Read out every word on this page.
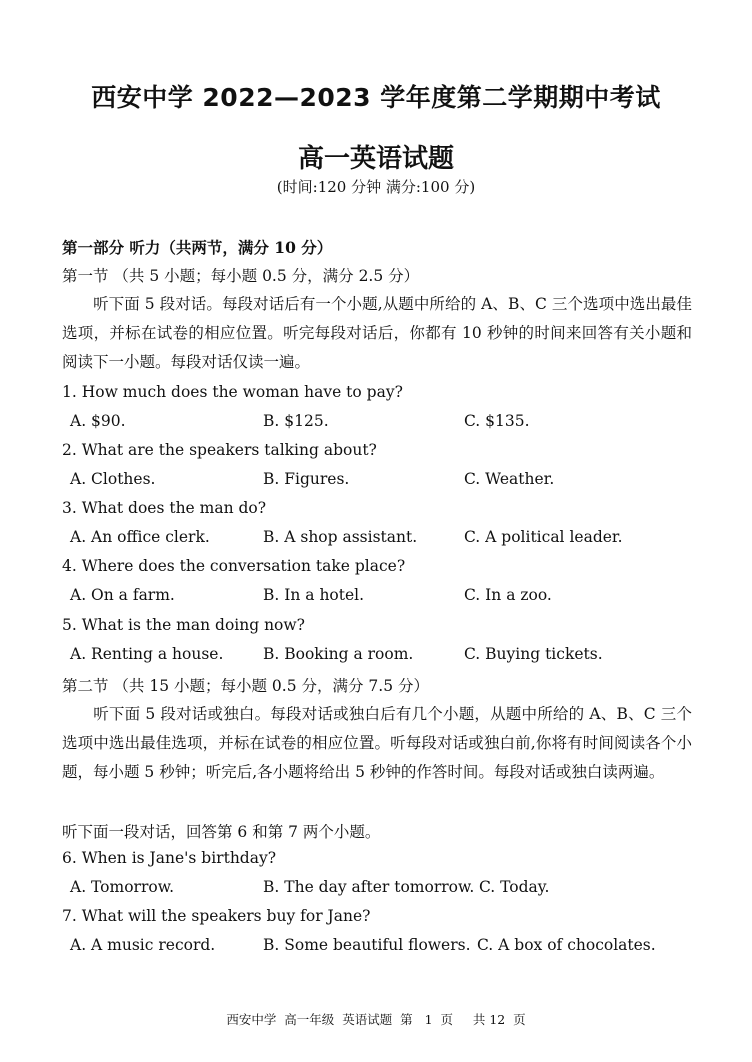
西安中学 2022—2023 学年度第二学期期中考试
高一英语试题
(时间:120 分钟 满分:100 分)
第一部分 听力（共两节，满分 10 分）
第一节 （共 5 小题；每小题 0.5 分，满分 2.5 分）
听下面 5 段对话。每段对话后有一个小题,从题中所给的 A、B、C 三个选项中选出最佳选项，并标在试卷的相应位置。听完每段对话后，你都有 10 秒钟的时间来回答有关小题和阅读下一小题。每段对话仅读一遍。
1. How much does the woman have to pay?
A. $90.	B. $125.	C. $135.
2. What are the speakers talking about?
A. Clothes.	B. Figures.	C. Weather.
3. What does the man do?
A. An office clerk.	B. A shop assistant.	C. A political leader.
4. Where does the conversation take place?
A. On a farm.	B. In a hotel.	C. In a zoo.
5. What is the man doing now?
A. Renting a house.	B. Booking a room.	C. Buying tickets.
第二节 （共 15 小题；每小题 0.5 分，满分 7.5 分）
听下面 5 段对话或独白。每段对话或独白后有几个小题，从题中所给的 A、B、C 三个选项中选出最佳选项，并标在试卷的相应位置。听每段对话或独白前,你将有时间阅读各个小题，每小题 5 秒钟；听完后,各小题将给出 5 秒钟的作答时间。每段对话或独白读两遍。
听下面一段对话，回答第 6 和第 7 两个小题。
6. When is Jane's birthday?
A. Tomorrow.	B. The day after tomorrow. C. Today.
7. What will the speakers buy for Jane?
A. A music record.	B. Some beautiful flowers. C. A box of chocolates.
西安中学  高一年级  英语试题  第   1  页     共 12  页
